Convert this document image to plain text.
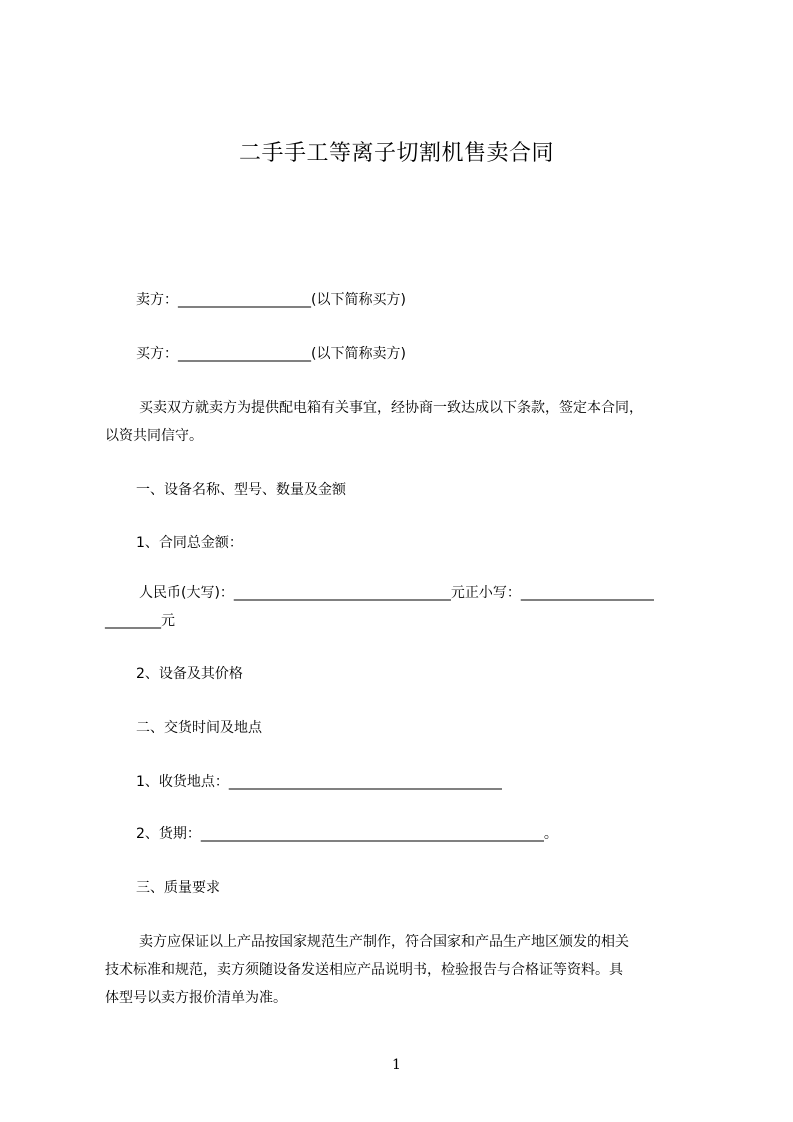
二手手工等离子切割机售卖合同
卖方：___________________(以下简称买方)
买方：___________________(以下简称卖方)

买卖双方就卖方为提供配电箱有关事宜，经协商一致达成以下条款，签定本合同，

以资共同信守。

一、设备名称、型号、数量及金额
1、合同总金额：

人民币(大写)：_______________________________元正小写：___________________

________元

2、设备及其价格
二、交货时间及地点
1、收货地点：_______________________________________
2、货期：_________________________________________________。
三、质量要求

卖方应保证以上产品按国家规范生产制作，符合国家和产品生产地区颁发的相关

技术标准和规范，卖方须随设备发送相应产品说明书，检验报告与合格证等资料。具

体型号以卖方报价清单为准。

1
